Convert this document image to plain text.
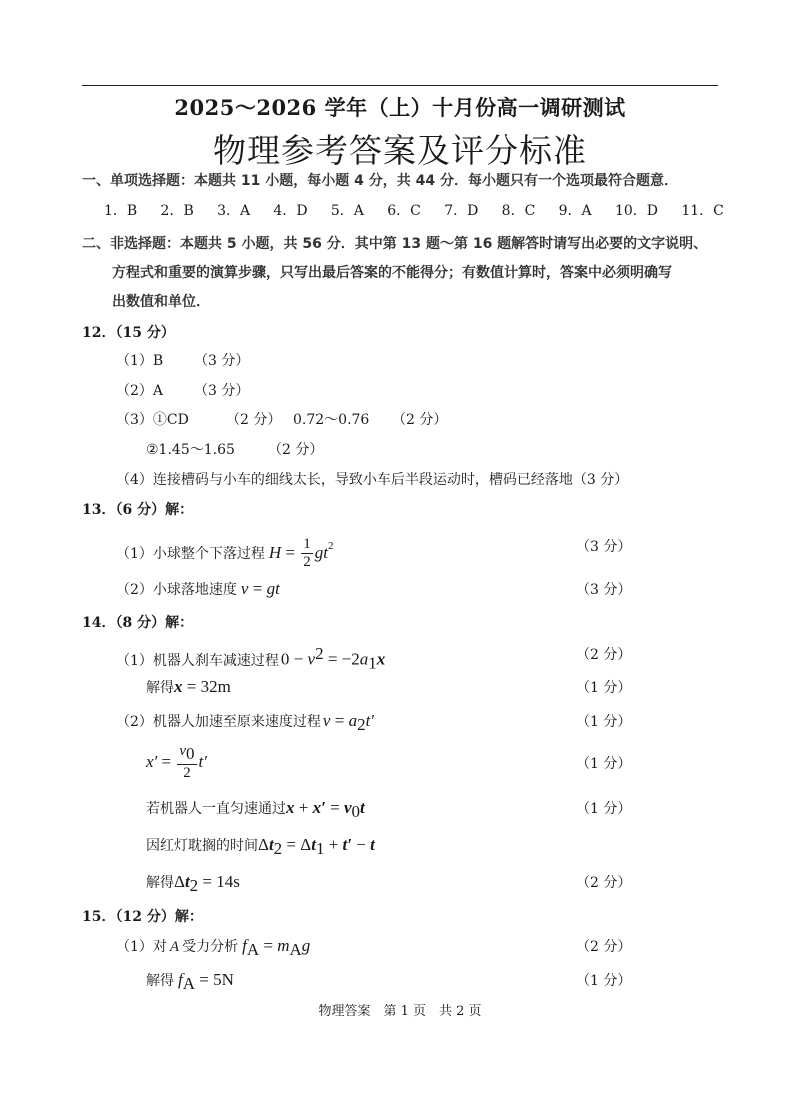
2025～2026 学年（上）十月份高一调研测试
物理参考答案及评分标准
一、单项选择题：本题共 11 小题，每小题 4 分，共 44 分．每小题只有一个选项最符合题意．
1．B 2．B 3．A 4．D 5．A 6．C 7．D 8．C 9．A 10．D 11．C
二、非选择题：本题共 5 小题，共 56 分．其中第 13 题～第 16 题解答时请写出必要的文字说明、
方程式和重要的演算步骤，只写出最后答案的不能得分；有数值计算时，答案中必须明确写
出数值和单位．
12．（15 分）
（1）B （3 分）
（2）A （3 分）
（3）①CD	（2 分） 0.72～0.76 （2 分）
②1.45～1.65 （2 分）
（4）连接槽码与小车的细线太长，导致小车后半段运动时，槽码已经落地（3 分）
13．（6 分）解：
（1）小球整个下落过程 $H = \frac{1}{2} gt^2$	（3 分）
（2）小球落地速度 v = gt	（3 分）
14．（8 分）解：
（1）机器人刹车减速过程 $0 - v^2 = -2a_1x$	（2 分）
解得 x = 32m	（1 分）
（2）机器人加速至原来速度过程 $v = a_2t'$	（1 分）
$x' = \frac{v_0}{2} t'$	（1 分）
若机器人一直匀速通过 $x + x' = v_0t$	（1 分）
因红灯耽搁的时间 $\Delta t_2 = \Delta t_1 + t' - t$
解得 $\Delta t_2 = 14s$	（2 分）
15．（12 分）解：
（1）对 A 受力分析 $f_A = m_Ag$	（2 分）
解得 $f_A = 5N$	（1 分）
物理答案　第 1 页　共 2 页
